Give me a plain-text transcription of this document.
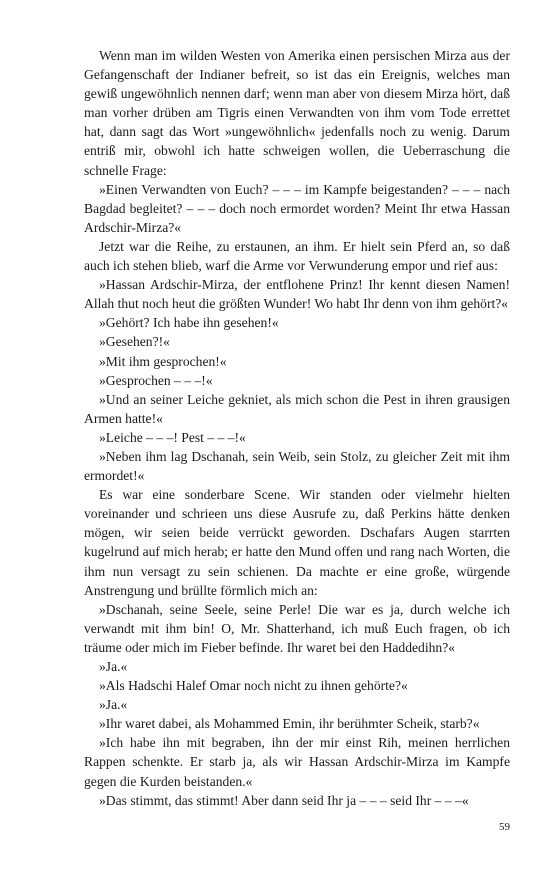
Wenn man im wilden Westen von Amerika einen persischen Mirza aus der Gefangenschaft der Indianer befreit, so ist das ein Ereignis, welches man gewiß ungewöhnlich nennen darf; wenn man aber von diesem Mirza hört, daß man vorher drüben am Tigris einen Verwandten von ihm vom Tode errettet hat, dann sagt das Wort »ungewöhnlich« jedenfalls noch zu wenig. Darum entriß mir, obwohl ich hatte schweigen wollen, die Ueberraschung die schnelle Frage:

»Einen Verwandten von Euch? – – – im Kampfe beigestanden? – – – nach Bagdad begleitet? – – – doch noch ermordet worden? Meint Ihr etwa Hassan Ardschir-Mirza?«

Jetzt war die Reihe, zu erstaunen, an ihm. Er hielt sein Pferd an, so daß auch ich stehen blieb, warf die Arme vor Verwunderung empor und rief aus:

»Hassan Ardschir-Mirza, der entflohene Prinz! Ihr kennt diesen Namen! Allah thut noch heut die größten Wunder! Wo habt Ihr denn von ihm gehört?«

»Gehört? Ich habe ihn gesehen!«

»Gesehen?!«

»Mit ihm gesprochen!«

»Gesprochen – – –!«

»Und an seiner Leiche gekniet, als mich schon die Pest in ihren grausigen Armen hatte!«

»Leiche – – –! Pest – – –!«

»Neben ihm lag Dschanah, sein Weib, sein Stolz, zu gleicher Zeit mit ihm ermordet!«

Es war eine sonderbare Scene. Wir standen oder vielmehr hielten voreinander und schrieen uns diese Ausrufe zu, daß Perkins hätte denken mögen, wir seien beide verrückt geworden. Dschafars Augen starrten kugelrund auf mich herab; er hatte den Mund offen und rang nach Worten, die ihm nun versagt zu sein schienen. Da machte er eine große, würgende Anstrengung und brüllte förmlich mich an:

»Dschanah, seine Seele, seine Perle! Die war es ja, durch welche ich verwandt mit ihm bin! O, Mr. Shatterhand, ich muß Euch fragen, ob ich träume oder mich im Fieber befinde. Ihr waret bei den Haddedihn?«

»Ja.«

»Als Hadschi Halef Omar noch nicht zu ihnen gehörte?«

»Ja.«

»Ihr waret dabei, als Mohammed Emin, ihr berühmter Scheik, starb?«

»Ich habe ihn mit begraben, ihn der mir einst Rih, meinen herrlichen Rappen schenkte. Er starb ja, als wir Hassan Ardschir-Mirza im Kampfe gegen die Kurden beistanden.«

»Das stimmt, das stimmt! Aber dann seid Ihr ja – – – seid Ihr – – –«

59
